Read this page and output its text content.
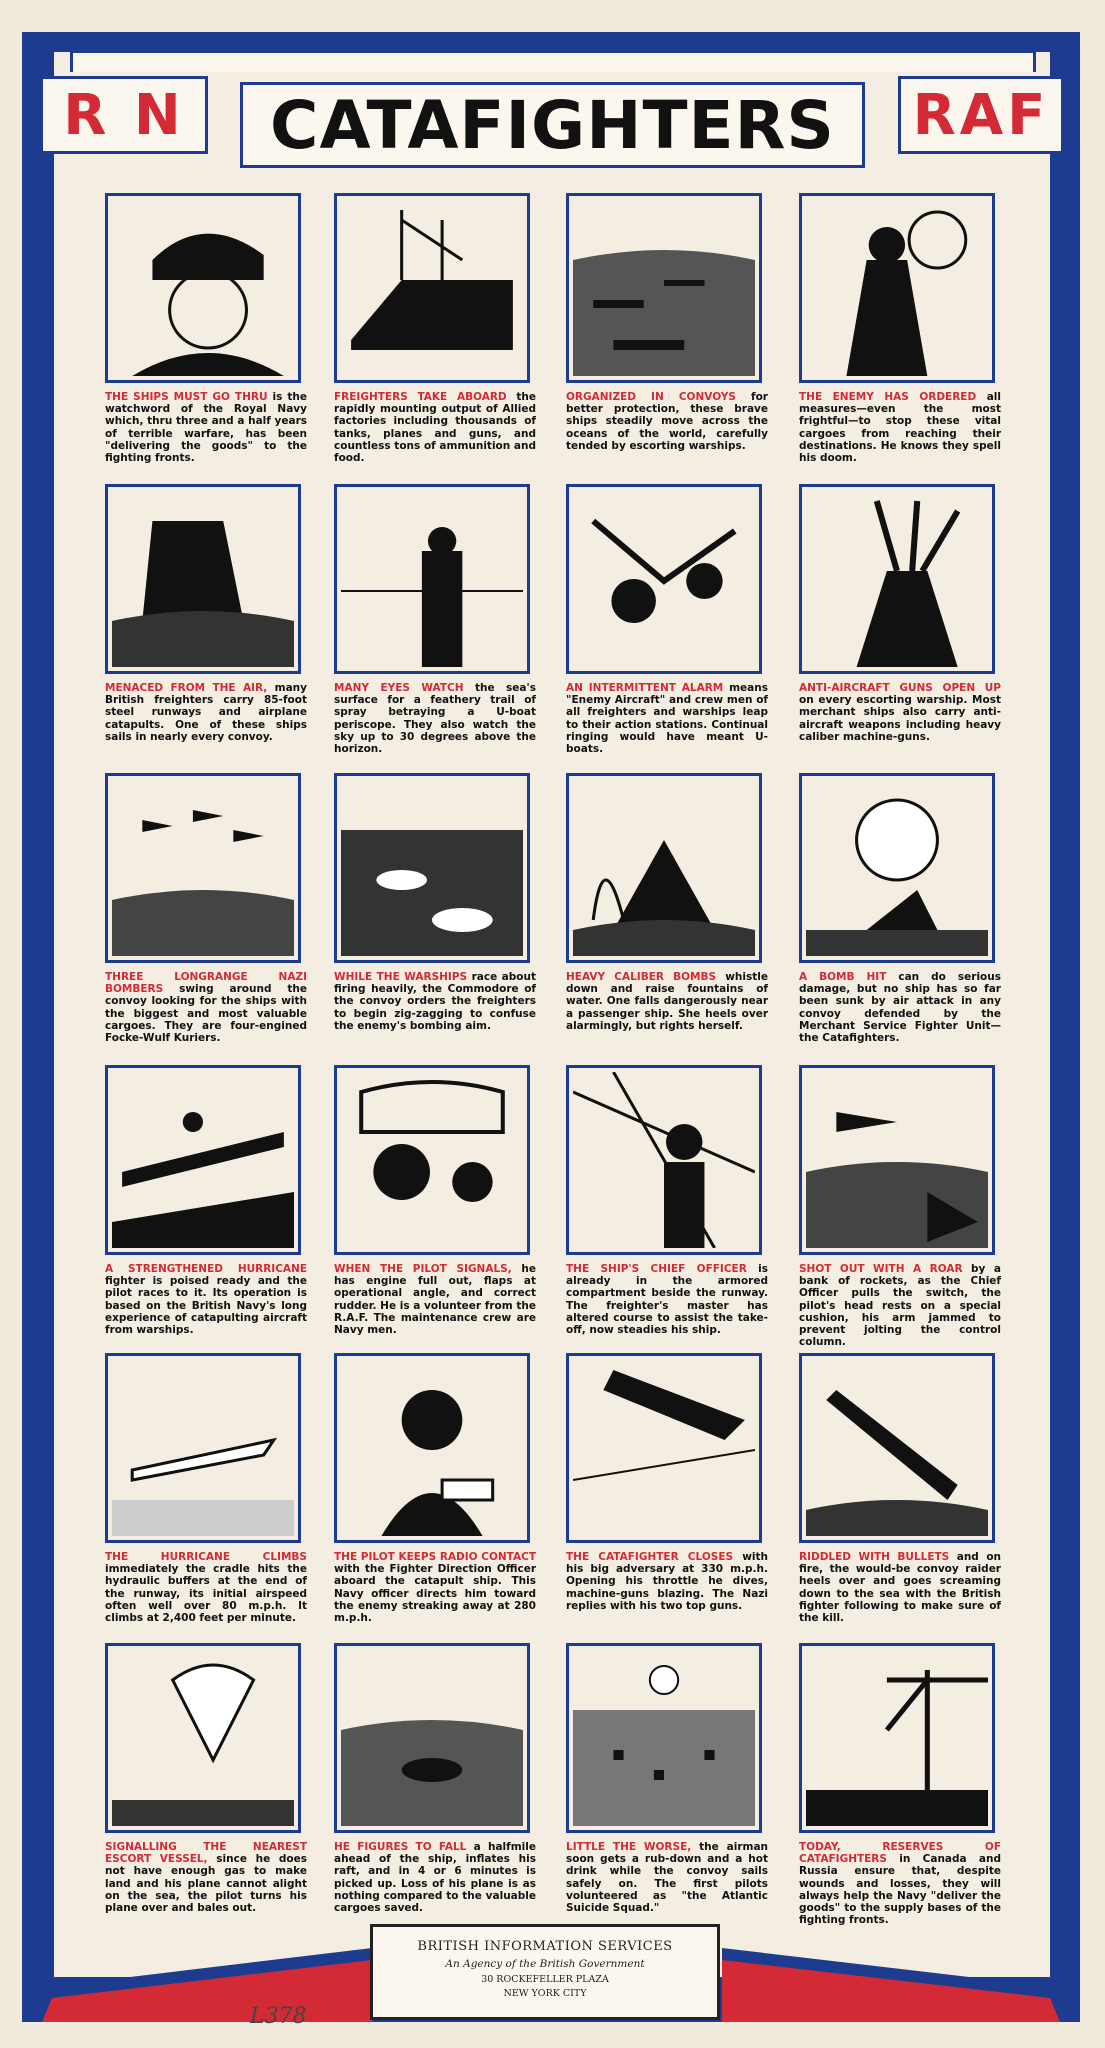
R N	CATAFIGHTERS	RAF
THE SHIPS MUST GO THRU is the watchword of the Royal Navy which, thru three and a half years of terrible warfare, has been "delivering the goods" to the fighting fronts.
FREIGHTERS TAKE ABOARD the rapidly mounting output of Allied factories including thousands of tanks, planes and guns, and countless tons of ammunition and food.
ORGANIZED IN CONVOYS for better protection, these brave ships steadily move across the oceans of the world, carefully tended by escorting warships.
THE ENEMY HAS ORDERED all measures—even the most frightful—to stop these vital cargoes from reaching their destinations. He knows they spell his doom.
MENACED FROM THE AIR, many British freighters carry 85-foot steel runways and airplane catapults. One of these ships sails in nearly every convoy.
MANY EYES WATCH the sea's surface for a feathery trail of spray betraying a U-boat periscope. They also watch the sky up to 30 degrees above the horizon.
AN INTERMITTENT ALARM means "Enemy Aircraft" and crew men of all freighters and warships leap to their action stations. Continual ringing would have meant U-boats.
ANTI-AIRCRAFT GUNS OPEN UP on every escorting warship. Most merchant ships also carry anti-aircraft weapons including heavy caliber machine-guns.
THREE LONGRANGE NAZI BOMBERS swing around the convoy looking for the ships with the biggest and most valuable cargoes. They are four-engined Focke-Wulf Kuriers.
WHILE THE WARSHIPS race about firing heavily, the Commodore of the convoy orders the freighters to begin zig-zagging to confuse the enemy's bombing aim.
HEAVY CALIBER BOMBS whistle down and raise fountains of water. One falls dangerously near a passenger ship. She heels over alarmingly, but rights herself.
A BOMB HIT can do serious damage, but no ship has so far been sunk by air attack in any convoy defended by the Merchant Service Fighter Unit—the Catafighters.
A STRENGTHENED HURRICANE fighter is poised ready and the pilot races to it. Its operation is based on the British Navy's long experience of catapulting aircraft from warships.
WHEN THE PILOT SIGNALS, he has engine full out, flaps at operational angle, and correct rudder. He is a volunteer from the R.A.F. The maintenance crew are Navy men.
THE SHIP'S CHIEF OFFICER is already in the armored compartment beside the runway. The freighter's master has altered course to assist the take-off, now steadies his ship.
SHOT OUT WITH A ROAR by a bank of rockets, as the Chief Officer pulls the switch, the pilot's head rests on a special cushion, his arm jammed to prevent jolting the control column.
THE HURRICANE CLIMBS immediately the cradle hits the hydraulic buffers at the end of the runway, its initial airspeed often well over 80 m.p.h. It climbs at 2,400 feet per minute.
THE PILOT KEEPS RADIO CONTACT with the Fighter Direction Officer aboard the catapult ship. This Navy officer directs him toward the enemy streaking away at 280 m.p.h.
THE CATAFIGHTER CLOSES with his big adversary at 330 m.p.h. Opening his throttle he dives, machine-guns blazing. The Nazi replies with his two top guns.
RIDDLED WITH BULLETS and on fire, the would-be convoy raider heels over and goes screaming down to the sea with the British fighter following to make sure of the kill.
SIGNALLING THE NEAREST ESCORT VESSEL, since he does not have enough gas to make land and his plane cannot alight on the sea, the pilot turns his plane over and bales out.
HE FIGURES TO FALL a halfmile ahead of the ship, inflates his raft, and in 4 or 6 minutes is picked up. Loss of his plane is as nothing compared to the valuable cargoes saved.
LITTLE THE WORSE, the airman soon gets a rub-down and a hot drink while the convoy sails safely on. The first pilots volunteered as "the Atlantic Suicide Squad."
TODAY, RESERVES OF CATAFIGHTERS in Canada and Russia ensure that, despite wounds and losses, they will always help the Navy "deliver the goods" to the supply bases of the fighting fronts.
BRITISH INFORMATION SERVICES
An Agency of the British Government
30 ROCKEFELLER PLAZA
NEW YORK CITY
L378
